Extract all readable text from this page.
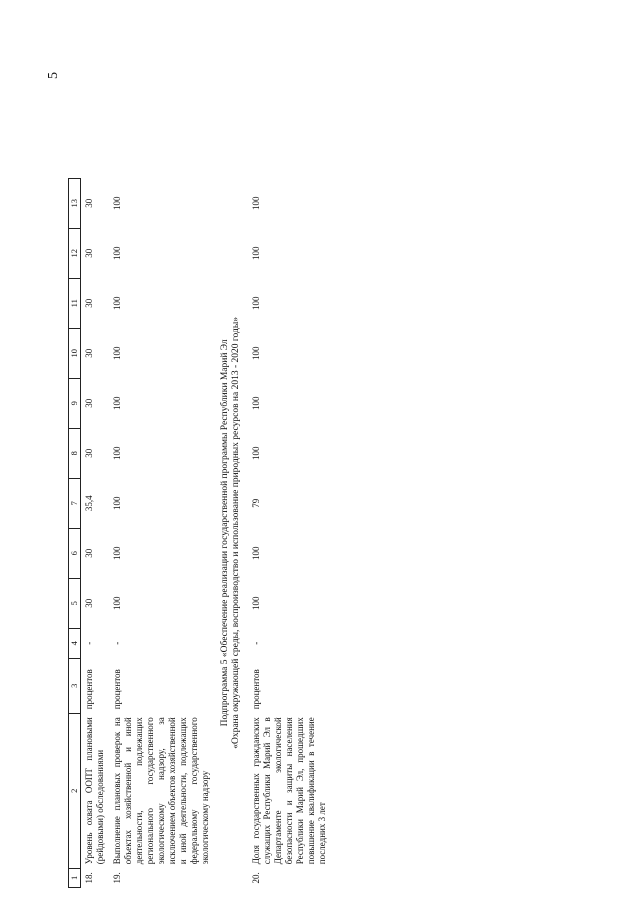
5
1	2	3	4	5	6	7	8	9	10	11	12	13
18.	Уровень охвата ООПТ плановыми (рейдовыми) обследованиями	процентов	-	30	30	35,4	30	30	30	30	30	30
19.	Выполнение плановых проверок на объектах хозяйственной и иной деятельности, подлежащих регионального государственного экологическому надзору, за исключением объектов хозяйственной и иной деятельности, подлежащих федеральному государственного экологическому надзору	процентов	-	100	100	100	100	100	100	100	100	100

Подпрограмма 5 «Обеспечение реализации государственной программы Республики Марий Эл «Охрана окружающей среды, воспроизводство и использование природных ресурсов на 2013 - 2020 годы»												

20.	Доля государственных гражданских служащих Республики Марий Эл в Департаменте экологической безопасности и защиты населения Республики Марий Эл, прошедших повышение квалификации в течение последних 3 лет	процентов	-	100	100	79	100	100	100	100	100	100
